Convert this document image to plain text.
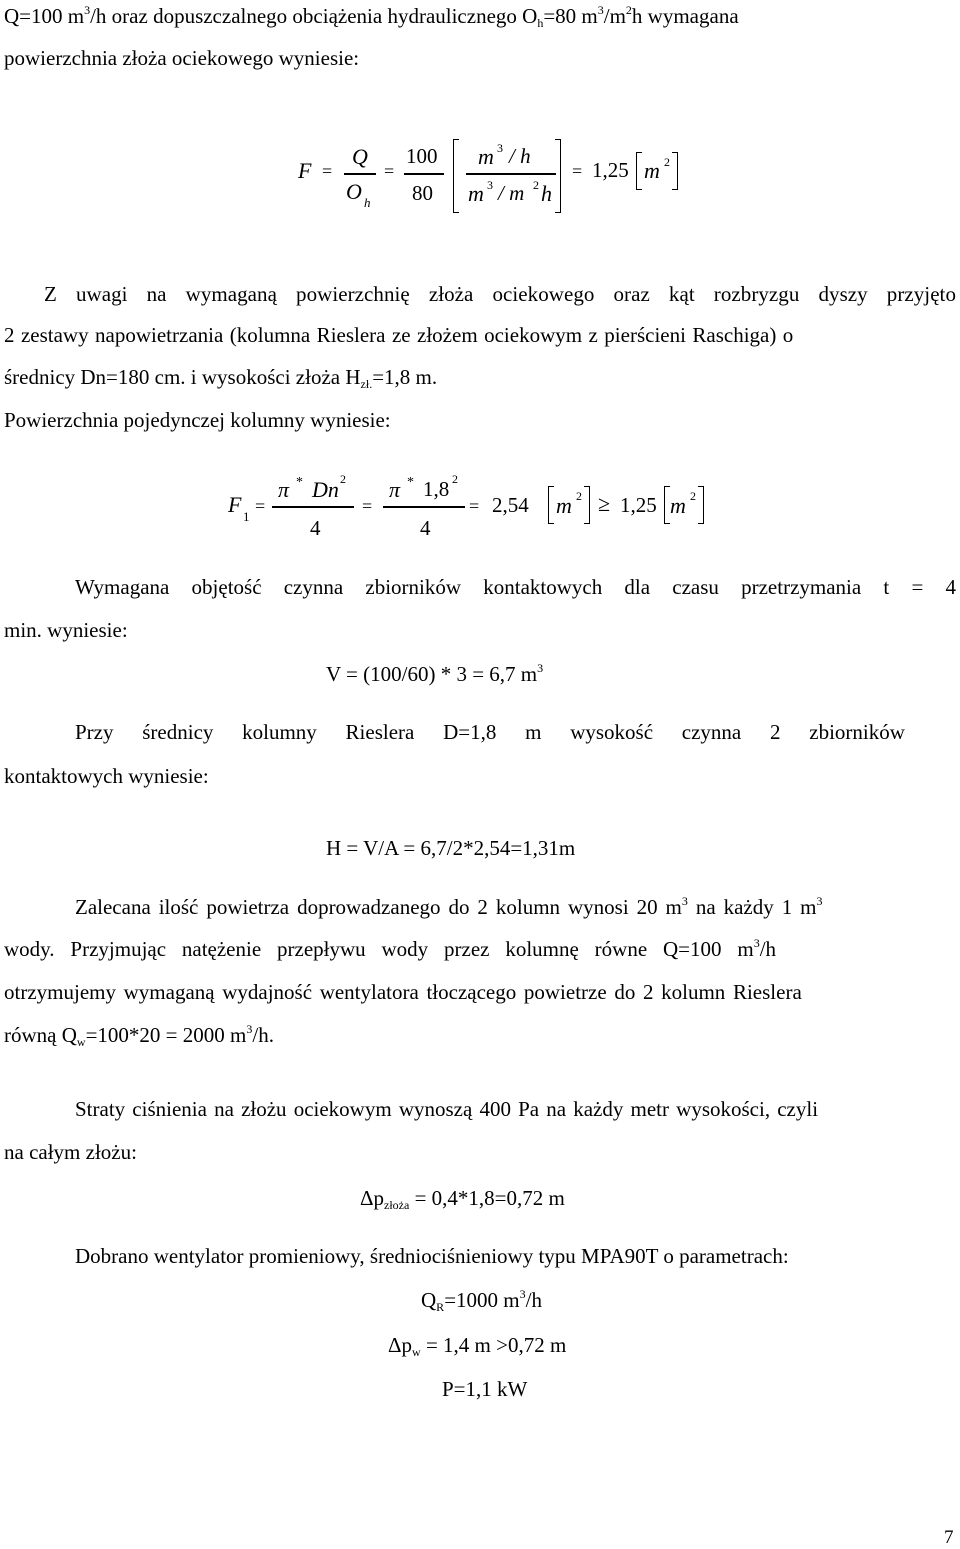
Q=100 $m^3/h$ oraz dopuszczalnego obciążenia hydraulicznego $O_h=80$ $m^3/m^2h$ wymagana
powierzchnia złoża ociekowego wyniesie:
F =
Q
O h
=
100
80
m 3 / h
m 3 / m 2 h
= 1,25 m 2
Z uwagi na wymaganą powierzchnię złoża ociekowego oraz kąt rozbryzgu dyszy przyjęto
2 zestawy napowietrzania (kolumna Rieslera ze złożem ociekowym z pierścieni Raschiga) o
średnicy Dn=180 cm. i wysokości złoża $H_{zł.}=1,8$ m.
Powierzchnia pojedynczej kolumny wyniesie:
F 1
=
π * Dn 2
4
=
π * 1,8 2
4
= 2,54 m 2 ≥ 1,25 m 2
Wymagana objętość czynna zbiorników kontaktowych dla czasu przetrzymania t = 4
min. wyniesie:
V = (100/60) * 3 = 6,7 $m^3$
Przy średnicy kolumny Rieslera D=1,8 m wysokość czynna 2 zbiorników
kontaktowych wyniesie:
H = V/A = 6,7/2*2,54=1,31m
Zalecana ilość powietrza doprowadzanego do 2 kolumn wynosi 20 $m^3$ na każdy 1 $m^3$
wody. Przyjmując natężenie przepływu wody przez kolumnę równe Q=100 $m^3/h$
otrzymujemy wymaganą wydajność wentylatora tłoczącego powietrze do 2 kolumn Rieslera
równą $Q_w=100*20 = 2000$ $m^3/h$.
Straty ciśnienia na złożu ociekowym wynoszą 400 Pa na każdy metr wysokości, czyli
na całym złożu:
$\Delta p_{złoża} = 0,4*1,8=0,72$ m
Dobrano wentylator promieniowy, średniociśnieniowy typu MPA90T o parametrach:
$Q_R=1000$ $m^3/h$
$\Delta p_w = 1,4$ m >0,72 m
P=1,1 kW
7
